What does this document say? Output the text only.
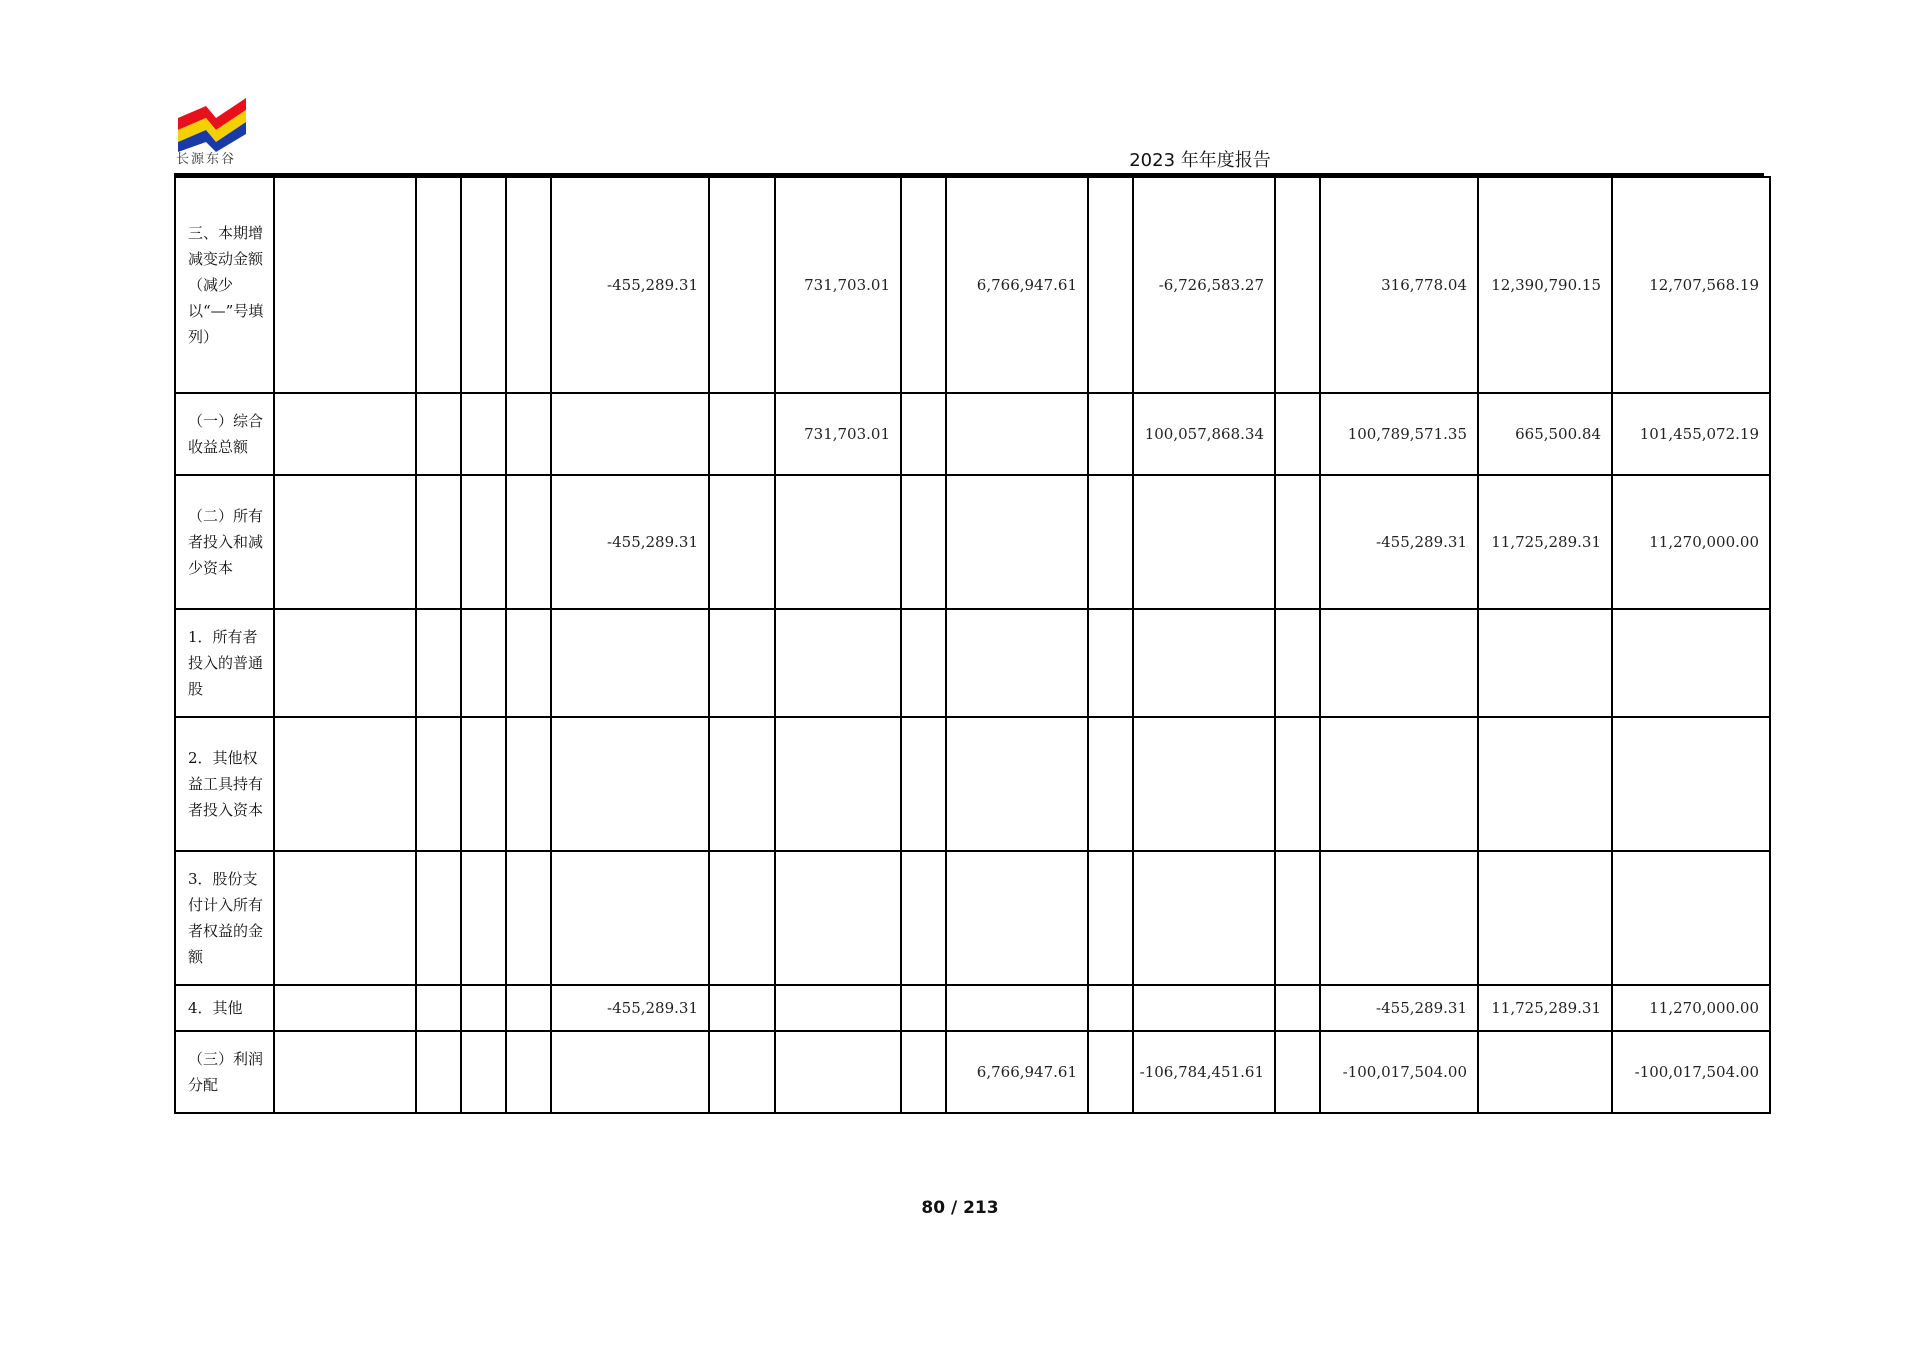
长源东谷	2023 年年度报告
三、本期增减变动金额（减少以“—”号填列）					-455,289.31		731,703.01		6,766,947.61		-6,726,583.27		316,778.04	12,390,790.15	12,707,568.19
（一）综合收益总额							731,703.01				100,057,868.34		100,789,571.35	665,500.84	101,455,072.19
（二）所有者投入和减少资本					-455,289.31								-455,289.31	11,725,289.31	11,270,000.00
1．所有者投入的普通股															
2．其他权益工具持有者投入资本															
3．股份支付计入所有者权益的金额															
4．其他					-455,289.31								-455,289.31	11,725,289.31	11,270,000.00
（三）利润分配									6,766,947.61		-106,784,451.61		-100,017,504.00		-100,017,504.00
80 / 213
